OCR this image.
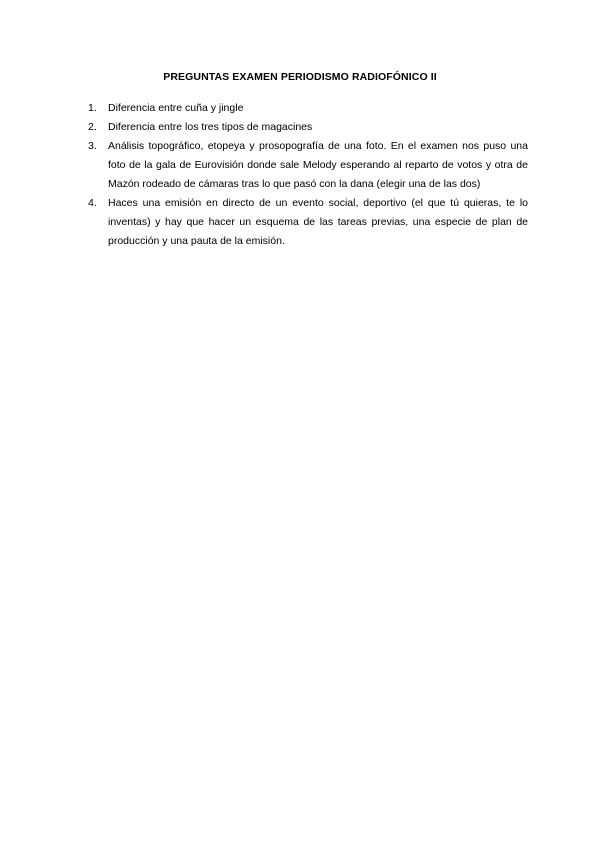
PREGUNTAS EXAMEN PERIODISMO RADIOFÓNICO II
1.	Diferencia entre cuña y jingle
2.	Diferencia entre los tres tipos de magacines
3.	Análisis topográfico, etopeya y prosopografía de una foto. En el examen nos puso una foto de la gala de Eurovisión donde sale Melody esperando al reparto de votos y otra de Mazón rodeado de cámaras tras lo que pasó con la dana (elegir una de las dos)
4.	Haces una emisión en directo de un evento social, deportivo (el que tú quieras, te lo inventas) y hay que hacer un esquema de las tareas previas, una especie de plan de producción y una pauta de la emisión.
